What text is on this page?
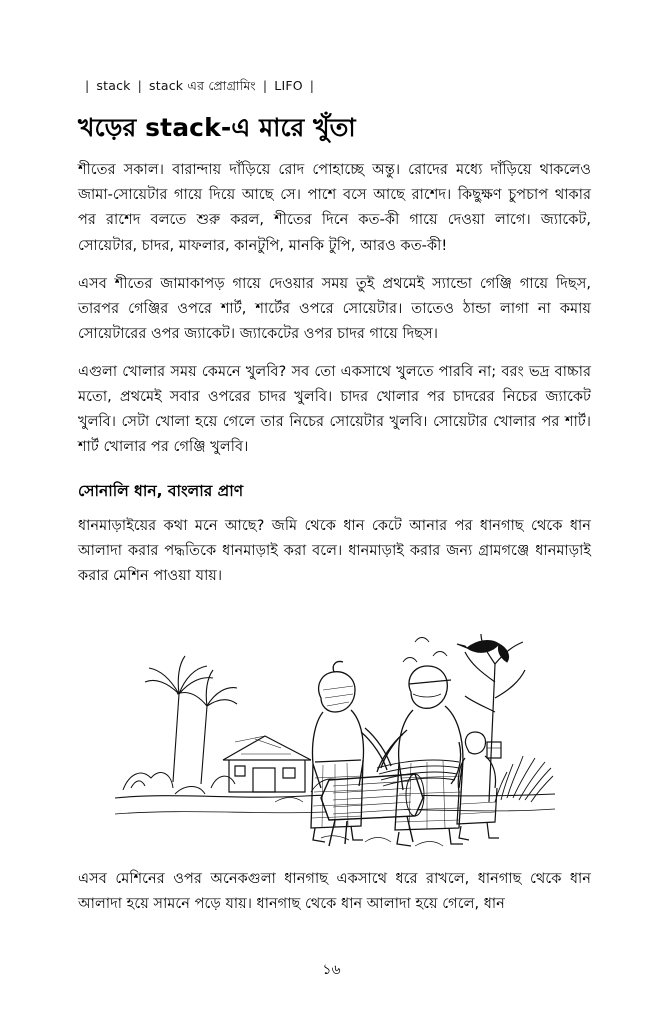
| stack | stack এর প্রোগ্রামিং | LIFO |
খড়ের stack-এ মারে খুঁতা

শীতের সকাল। বারান্দায় দাঁড়িয়ে রোদ পোহাচ্ছে অন্তু। রোদের মধ্যে দাঁড়িয়ে থাকলেও জামা-সোয়েটার গায়ে দিয়ে আছে সে। পাশে বসে আছে রাশেদ। কিছুক্ষণ চুপচাপ থাকার পর রাশেদ বলতে শুরু করল, শীতের দিনে কত-কী গায়ে দেওয়া লাগে। জ্যাকেট, সোয়েটার, চাদর, মাফলার, কানটুপি, মানকি টুপি, আরও কত-কী!

এসব শীতের জামাকাপড় গায়ে দেওয়ার সময় তুই প্রথমেই স্যান্ডো গেঞ্জি গায়ে দিছস, তারপর গেঞ্জির ওপরে শার্ট, শার্টের ওপরে সোয়েটার। তাতেও ঠান্ডা লাগা না কমায় সোয়েটারের ওপর জ্যাকেট। জ্যাকেটের ওপর চাদর গায়ে দিছস।

এগুলা খোলার সময় কেমনে খুলবি? সব তো একসাথে খুলতে পারবি না; বরং ভদ্র বাচ্চার মতো, প্রথমেই সবার ওপরের চাদর খুলবি। চাদর খোলার পর চাদরের নিচের জ্যাকেট খুলবি। সেটা খোলা হয়ে গেলে তার নিচের সোয়েটার খুলবি। সোয়েটার খোলার পর শার্ট। শার্ট খোলার পর গেঞ্জি খুলবি।

সোনালি ধান, বাংলার প্রাণ

ধানমাড়াইয়ের কথা মনে আছে? জমি থেকে ধান কেটে আনার পর ধানগাছ থেকে ধান আলাদা করার পদ্ধতিকে ধানমাড়াই করা বলে। ধানমাড়াই করার জন্য গ্রামগঞ্জে ধানমাড়াই করার মেশিন পাওয়া যায়।

এসব মেশিনের ওপর অনেকগুলা ধানগাছ একসাথে ধরে রাখলে, ধানগাছ থেকে ধান আলাদা হয়ে সামনে পড়ে যায়। ধানগাছ থেকে ধান আলাদা হয়ে গেলে, ধান

১৬
